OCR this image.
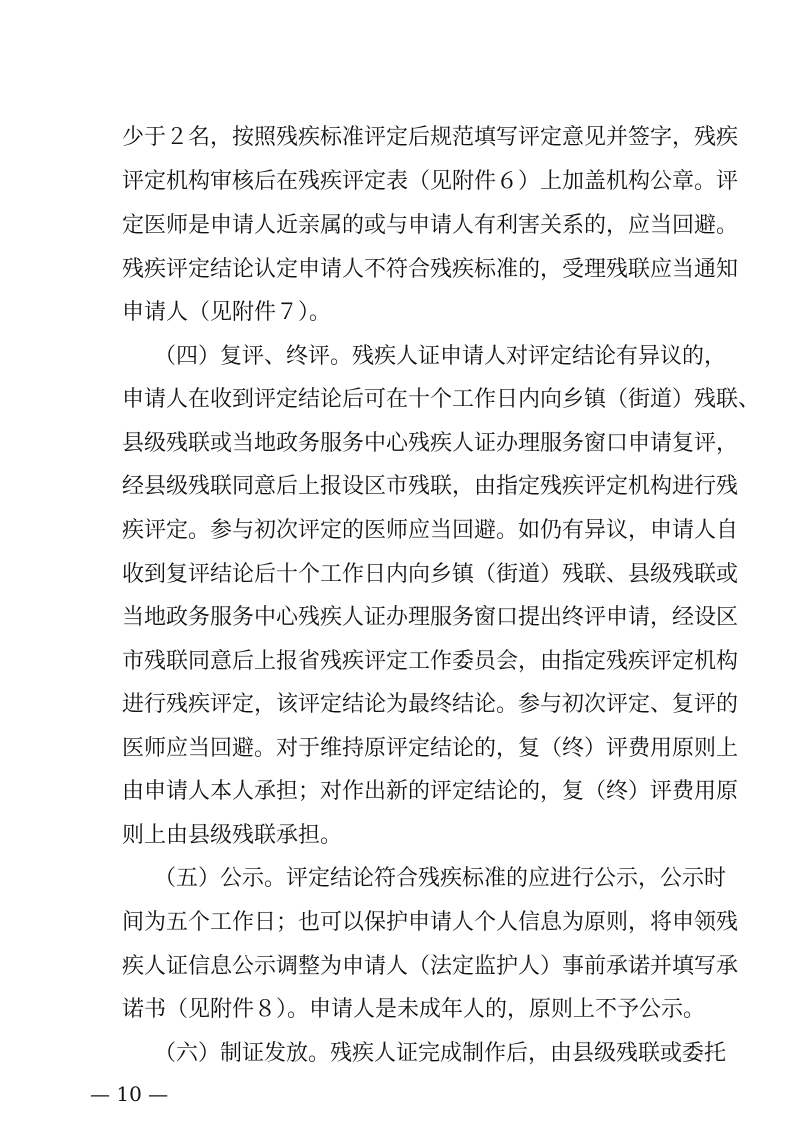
少于２名，按照残疾标准评定后规范填写评定意见并签字，残疾
评定机构审核后在残疾评定表（见附件６）上加盖机构公章。评
定医师是申请人近亲属的或与申请人有利害关系的，应当回避。
残疾评定结论认定申请人不符合残疾标准的，受理残联应当通知
申请人（见附件７）。
（四）复评、终评。残疾人证申请人对评定结论有异议的，
申请人在收到评定结论后可在十个工作日内向乡镇（街道）残联、
县级残联或当地政务服务中心残疾人证办理服务窗口申请复评，
经县级残联同意后上报设区市残联，由指定残疾评定机构进行残
疾评定。参与初次评定的医师应当回避。如仍有异议，申请人自
收到复评结论后十个工作日内向乡镇（街道）残联、县级残联或
当地政务服务中心残疾人证办理服务窗口提出终评申请，经设区
市残联同意后上报省残疾评定工作委员会，由指定残疾评定机构
进行残疾评定，该评定结论为最终结论。参与初次评定、复评的
医师应当回避。对于维持原评定结论的，复（终）评费用原则上
由申请人本人承担；对作出新的评定结论的，复（终）评费用原
则上由县级残联承担。
（五）公示。评定结论符合残疾标准的应进行公示，公示时
间为五个工作日；也可以保护申请人个人信息为原则，将申领残
疾人证信息公示调整为申请人（法定监护人）事前承诺并填写承
诺书（见附件８）。申请人是未成年人的，原则上不予公示。
（六）制证发放。残疾人证完成制作后，由县级残联或委托
— 10 —
